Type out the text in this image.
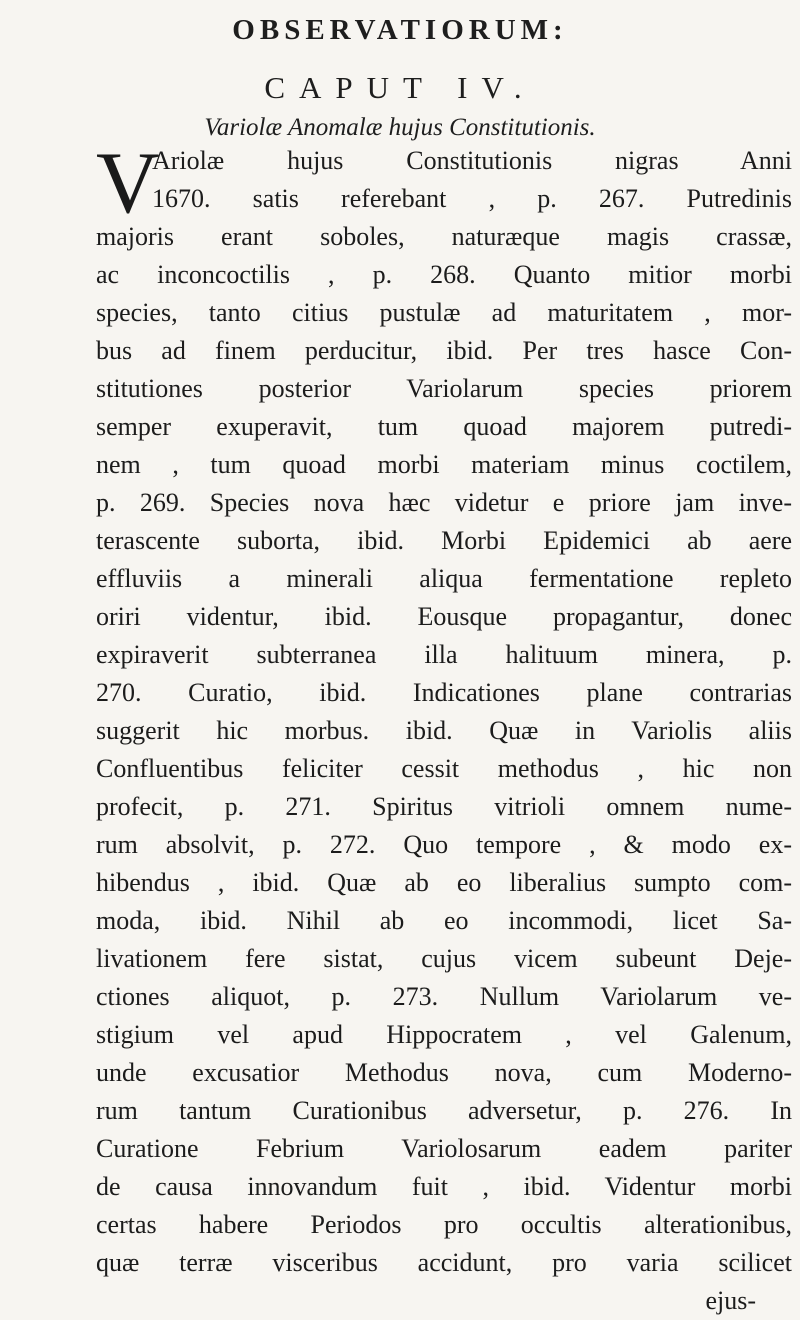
OBSERVATIORUM:
CAPUT IV.
Variolæ Anomalæ hujus Constitutionis.
V
Ariolæ hujus Constitutionis nigras Anni
1670. satis referebant , p. 267. Putredinis
majoris erant soboles, naturæque magis crassæ,
ac inconcoctilis , p. 268. Quanto mitior morbi
species, tanto citius pustulæ ad maturitatem , mor-
bus ad finem perducitur, ibid. Per tres hasce Con-
stitutiones posterior Variolarum species priorem
semper exuperavit, tum quoad majorem putredi-
nem , tum quoad morbi materiam minus coctilem,
p. 269. Species nova hæc videtur e priore jam inve-
terascente suborta, ibid. Morbi Epidemici ab aere
effluviis a minerali aliqua fermentatione repleto
oriri videntur, ibid. Eousque propagantur, donec
expiraverit subterranea illa halituum minera, p.
270. Curatio, ibid. Indicationes plane contrarias
suggerit hic morbus. ibid. Quæ in Variolis aliis
Confluentibus feliciter cessit methodus , hic non
profecit, p. 271. Spiritus vitrioli omnem nume-
rum absolvit, p. 272. Quo tempore , & modo ex-
hibendus , ibid. Quæ ab eo liberalius sumpto com-
moda, ibid. Nihil ab eo incommodi, licet Sa-
livationem fere sistat, cujus vicem subeunt Deje-
ctiones aliquot, p. 273. Nullum Variolarum ve-
stigium vel apud Hippocratem , vel Galenum,
unde excusatior Methodus nova, cum Moderno-
rum tantum Curationibus adversetur, p. 276. In
Curatione Febrium Variolosarum eadem pariter
de causa innovandum fuit , ibid. Videntur morbi
certas habere Periodos pro occultis alterationibus,
quæ terræ visceribus accidunt, pro varia scilicet
ejus-
